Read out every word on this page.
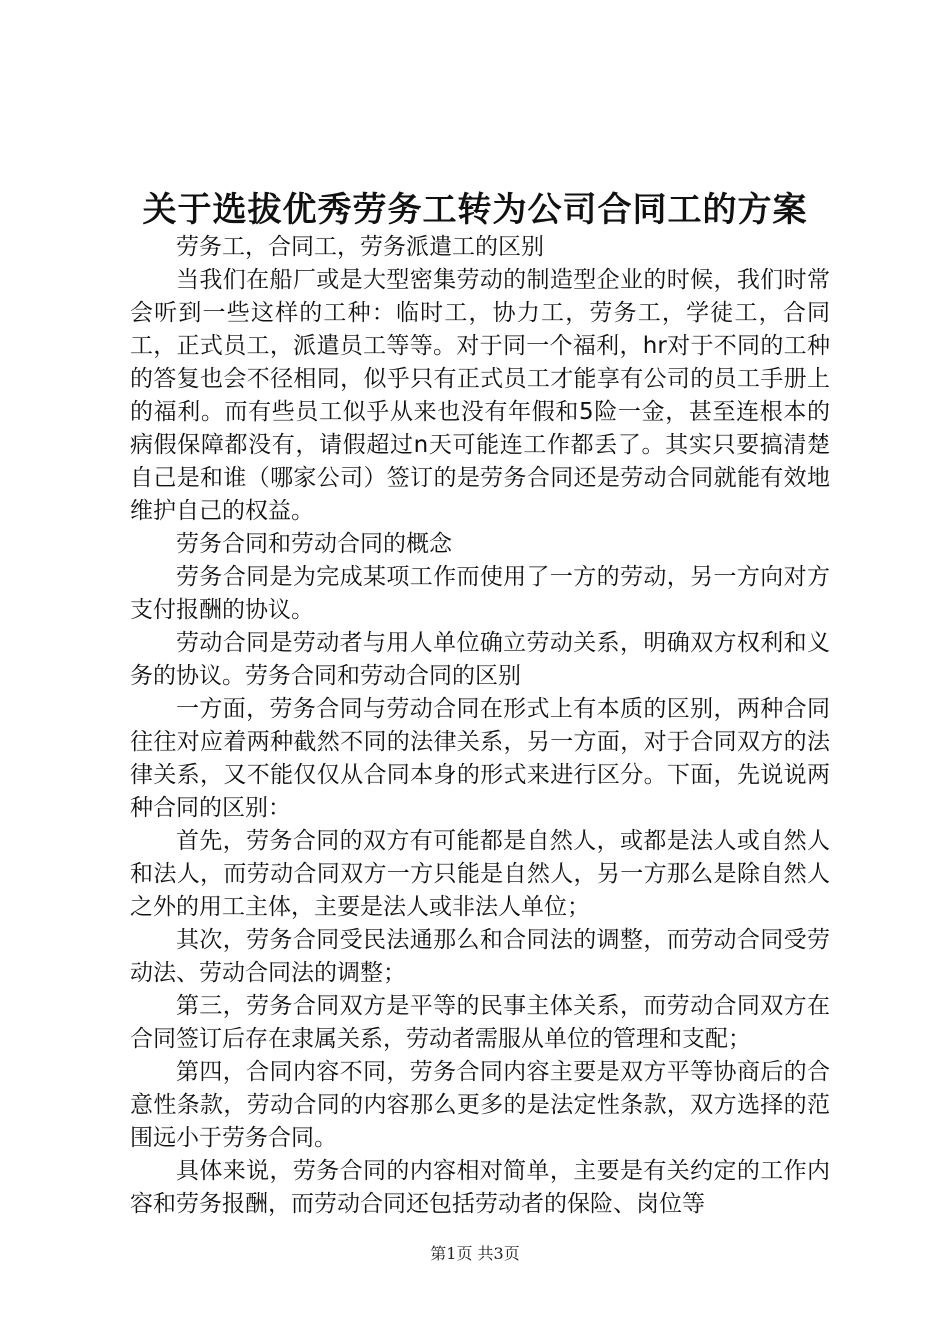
关于选拔优秀劳务工转为公司合同工的方案

劳务工，合同工，劳务派遣工的区别

当我们在船厂或是大型密集劳动的制造型企业的时候，我们时常会听到一些这样的工种：临时工，协力工，劳务工，学徒工，合同工，正式员工，派遣员工等等。对于同一个福利，hr对于不同的工种的答复也会不径相同，似乎只有正式员工才能享有公司的员工手册上的福利。而有些员工似乎从来也没有年假和5险一金，甚至连根本的病假保障都没有，请假超过n天可能连工作都丢了。其实只要搞清楚自己是和谁（哪家公司）签订的是劳务合同还是劳动合同就能有效地维护自己的权益。

劳务合同和劳动合同的概念

劳务合同是为完成某项工作而使用了一方的劳动，另一方向对方支付报酬的协议。

劳动合同是劳动者与用人单位确立劳动关系，明确双方权利和义务的协议。劳务合同和劳动合同的区别

一方面，劳务合同与劳动合同在形式上有本质的区别，两种合同往往对应着两种截然不同的法律关系，另一方面，对于合同双方的法律关系，又不能仅仅从合同本身的形式来进行区分。下面，先说说两种合同的区别：

首先，劳务合同的双方有可能都是自然人，或都是法人或自然人和法人，而劳动合同双方一方只能是自然人，另一方那么是除自然人之外的用工主体，主要是法人或非法人单位；

其次，劳务合同受民法通那么和合同法的调整，而劳动合同受劳动法、劳动合同法的调整；

第三，劳务合同双方是平等的民事主体关系，而劳动合同双方在合同签订后存在隶属关系，劳动者需服从单位的管理和支配；

第四，合同内容不同，劳务合同内容主要是双方平等协商后的合意性条款，劳动合同的内容那么更多的是法定性条款，双方选择的范围远小于劳务合同。

具体来说，劳务合同的内容相对简单，主要是有关约定的工作内容和劳务报酬，而劳动合同还包括劳动者的保险、岗位等

第1页 共3页
